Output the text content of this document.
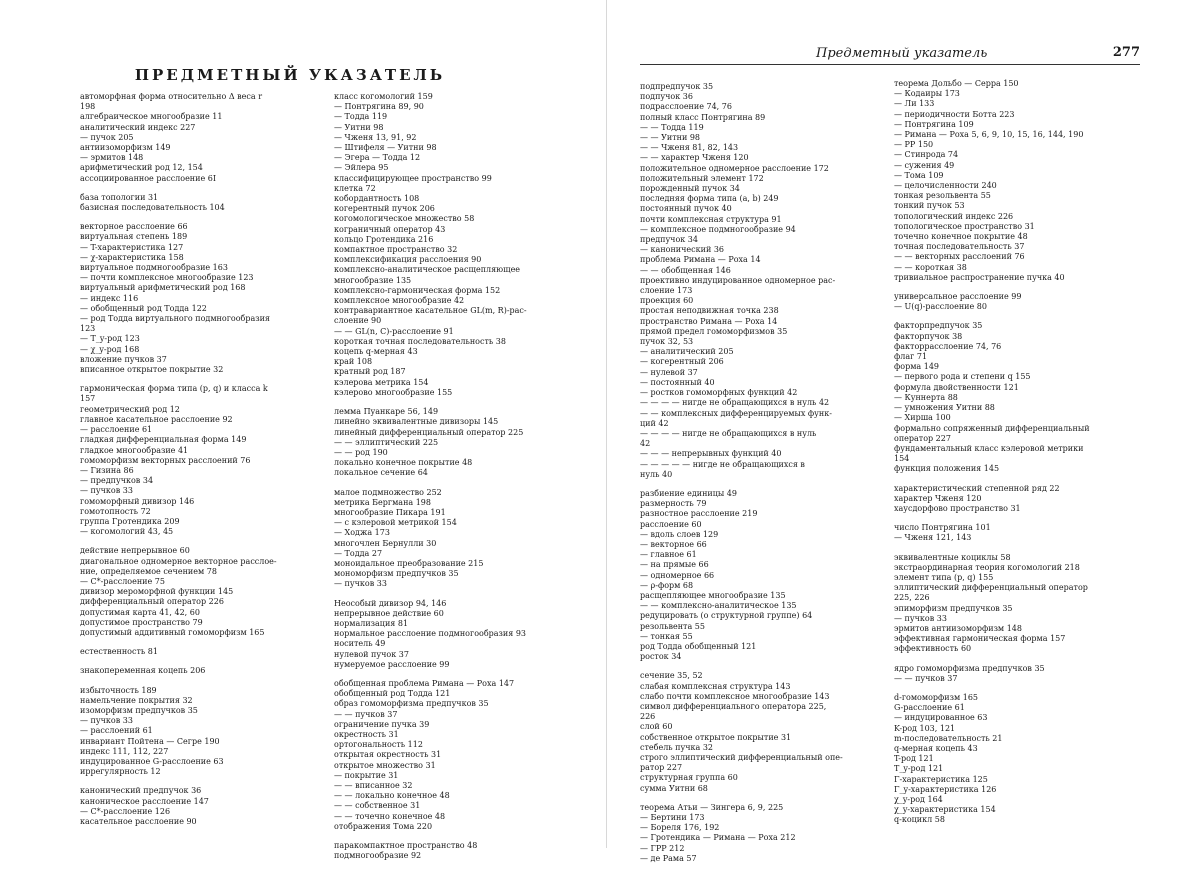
ПРЕДМЕТНЫЙ УКАЗАТЕЛЬ
автоморфная форма относительно Δ веса r
198
алгебраическое многообразие 11
аналитический индекс 227
— пучок 205
антиизоморфизм 149
— эрмитов 148
арифметический род 12, 154
ассоциированное расслоение 6I
база топологии 31
базисная последовательность 104
векторное расслоение 66
виртуальная степень 189
— T-характеристика 127
— χ-характеристика 158
виртуальное подмногообразие 163
— почти комплексное многообразие 123
виртуальный арифметический род 168
— индекс 116
— обобщенный род Тодда 122
— род Тодда виртуального подмногообразия
123
— T_y-род 123
— χ_y-род 168
вложение пучков 37
вписанное открытое покрытие 32
гармоническая форма типа (p, q) и класса k
157
геометрический род 12
главное касательное расслоение 92
— расслоение 61
гладкая дифференциальная форма 149
гладкое многообразие 41
гомоморфизм векторных расслоений 76
— Гизина 86
— предпучков 34
— пучков 33
гомоморфный дивизор 146
гомотопность 72
группа Гротендика 209
— когомологий 43, 45
действие непрерывное 60
диагональное одномерное векторное расслое-
ние, определяемое сечением 78
— C*-расслоение 75
дивизор мероморфной функции 145
дифференциальный оператор 226
допустимая карта 41, 42, 60
допустимое пространство 79
допустимый аддитивный гомоморфизм 165
естественность 81
знакопеременная коцепь 206
избыточность 189
намельчение покрытия 32
изоморфизм предпучков 35
— пучков 33
— расслоений 61
инвариант Пойтена — Сегре 190
индекс 111, 112, 227
индуцированное G-расслоение 63
иррегулярность 12
канонический предпучок 36
каноническое расслоение 147
— C*-расслоение 126
касательное расслоение 90
класс когомологий 159
— Понтрягина 89, 90
— Тодда 119
— Уитни 98
— Чженя 13, 91, 92
— Штифеля — Уитни 98
— Эгера — Тодда 12
— Эйлера 95
классифицирующее пространство 99
клетка 72
кобордантность 108
когерентный пучок 206
когомологическое множество 58
кограничный оператор 43
кольцо Гротендика 216
компактное пространство 32
комплексификация расслоения 90
комплексно-аналитическое расщепляющее
многообразие 135
комплексно-гармоническая форма 152
комплексное многообразие 42
контравариантное касательное GL(m, R)-рас-
слоение 90
— — GL(n, C)-расслоение 91
короткая точная последовательность 38
коцепь q-мерная 43
край 108
кратный род 187
кэлерова метрика 154
кэлерово многообразие 155
лемма Пуанкаре 56, 149
линейно эквивалентные дивизоры 145
линейный дифференциальный оператор 225
— — эллиптический 225
— — род 190
локально конечное покрытие 48
локальное сечение 64
малое подмножество 252
метрика Бергмана 198
многообразие Пикара 191
— с кэлеровой метрикой 154
— Ходжа 173
многочлен Бернулли 30
— Тодда 27
моноидальное преобразование 215
мономорфизм предпучков 35
— пучков 33
Неособый дивизор 94, 146
непрерывное действие 60
нормализация 81
нормальное расслоение подмногообразия 93
носитель 49
нулевой пучок 37
нумеруемое расслоение 99
обобщенная проблема Римана — Роха 147
обобщенный род Тодда 121
образ гомоморфизма предпучков 35
— — пучков 37
ограничение пучка 39
окрестность 31
ортогональность 112
открытая окрестность 31
открытое множество 31
— покрытие 31
— — вписанное 32
— — локально конечное 48
— — собственное 31
— — точечно конечное 48
отображения Тома 220
паракомпактное пространство 48
подмногообразие 92
Предметный указатель	277
подпредпучок 35
подпучок 36
подрасслоение 74, 76
полный класс Понтрягина 89
— — Тодда 119
— — Уитни 98
— — Чженя 81, 82, 143
— — характер Чженя 120
положительное одномерное расслоение 172
положительный элемент 172
порожденный пучок 34
последняя форма типа (a, b) 249
постоянный пучок 40
почти комплексная структура 91
— комплексное подмногообразие 94
предпучок 34
— канонический 36
проблема Римана — Роха 14
— — обобщенная 146
проективно индуцированное одномерное рас-
слоение 173
проекция 60
простая неподвижная точка 238
пространство Римана — Роха 14
прямой предел гомоморфизмов 35
пучок 32, 53
— аналитический 205
— когерентный 206
— нулевой 37
— постоянный 40
— ростков гомоморфных функций 42
— — — — нигде не обращающихся в нуль 42
— — комплексных дифференцируемых функ-
ций 42
— — — — нигде не обращающихся в нуль
42
— — — непрерывных функций 40
— — — — — нигде не обращающихся в
нуль 40
разбиение единицы 49
размерность 79
разностное расслоение 219
расслоение 60
— вдоль слоев 129
— векторное 66
— главное 61
— на прямые 66
— одномерное 66
— ρ-форм 68
расщепляющее многообразие 135
— — комплексно-аналитическое 135
редуцировать (о структурной группе) 64
резольвента 55
— тонкая 55
род Тодда обобщенный 121
росток 34
сечение 35, 52
слабая комплексная структура 143
слабо почти комплексное многообразие 143
символ дифференциального оператора 225,
226
слой 60
собственное открытое покрытие 31
стебель пучка 32
строго эллиптический дифференциальный опе-
ратор 227
структурная группа 60
сумма Уитни 68
теорема Атьи — Зингера 6, 9, 225
— Бертини 173
— Бореля 176, 192
— Гротендика — Римана — Роха 212
— ГРР 212
— де Рама 57
теорема Дольбо — Серра 150
— Кодаиры 173
— Ли 133
— периодичности Ботта 223
— Понтрягина 109
— Римана — Роха 5, 6, 9, 10, 15, 16, 144, 190
— РР 150
— Стинрода 74
— сужения 49
— Тома 109
— целочисленности 240
тонкая резольвента 55
тонкий пучок 53
топологический индекс 226
топологическое пространство 31
точечно конечное покрытие 48
точная последовательность 37
— — векторных расслоений 76
— — короткая 38
тривиальное распространение пучка 40
универсальное расслоение 99
— U(q)-расслоение 80
факторпредпучок 35
факторпучок 38
факторрасслоение 74, 76
флаг 71
форма 149
— первого рода и степени q 155
формула двойственности 121
— Куннерта 88
— умножения Уитни 88
— Хирша 100
формально сопряженный дифференциальный
оператор 227
фундаментальный класс кэлеровой метрики
154
функция положения 145
характеристический степенной ряд 22
характер Чженя 120
хаусдорфово пространство 31
число Понтрягина 101
— Чженя 121, 143
эквивалентные коциклы 58
экстраординарная теория когомологий 218
элемент типа (p, q) 155
эллиптический дифференциальный оператор
225, 226
эпиморфизм предпучков 35
— пучков 33
эрмитов антиизоморфизм 148
эффективная гармоническая форма 157
эффективность 60
ядро гомоморфизма предпучков 35
— — пучков 37
d-гомоморфизм 165
G-расслоение 61
— индуцированное 63
K-род 103, 121
m-последовательность 21
q-мерная коцепь 43
T-род 121
T_y-род 121
Γ-характеристика 125
Γ_y-характеристика 126
χ_y-род 164
χ_y-характеристика 154
q-коцикл 58
